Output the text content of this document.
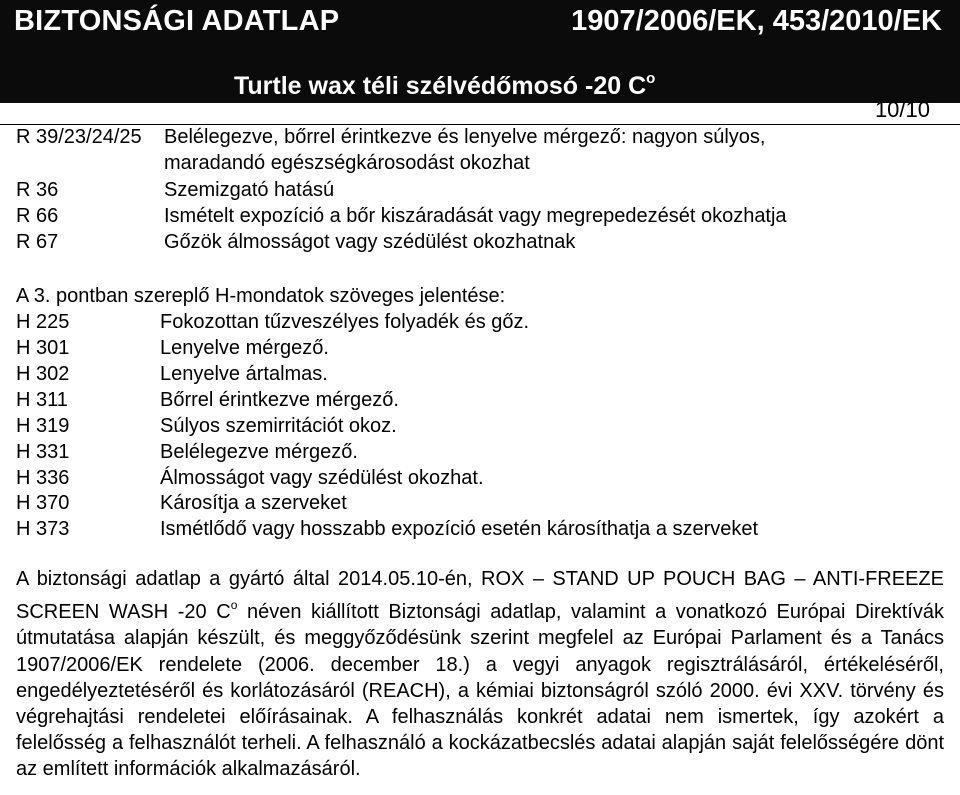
BIZTONSÁGI ADATLAP	1907/2006/EK, 453/2010/EK
Turtle wax téli szélvédőmosó -20 $C^o$
10/10
R 39/23/24/25 Belélegezve, bőrrel érintkezve és lenyelve mérgező: nagyon súlyos,
maradandó egészségkárosodást okozhat
R 36	Szemizgató hatású
R 66	Ismételt expozíció a bőr kiszáradását vagy megrepedezését okozhatja
R 67	Gőzök álmosságot vagy szédülést okozhatnak
A 3. pontban szereplő H-mondatok szöveges jelentése:
H 225	Fokozottan tűzveszélyes folyadék és gőz.
H 301	Lenyelve mérgező.
H 302	Lenyelve ártalmas.
H 311	Bőrrel érintkezve mérgező.
H 319	Súlyos szemirritációt okoz.
H 331	Belélegezve mérgező.
H 336	Álmosságot vagy szédülést okozhat.
H 370	Károsítja a szerveket
H 373	Ismétlődő vagy hosszabb expozíció esetén károsíthatja a szerveket
A biztonsági adatlap a gyártó által 2014.05.10-én, ROX – STAND UP POUCH BAG – ANTI-FREEZE SCREEN WASH -20 $C^o$ néven kiállított Biztonsági adatlap, valamint a vonatkozó Európai Direktívák útmutatása alapján készült, és meggyőződésünk szerint megfelel az Európai Parlament és a Tanács 1907/2006/EK rendelete (2006. december 18.) a vegyi anyagok regisztrálásáról, értékeléséről, engedélyeztetéséről és korlátozásáról (REACH), a kémiai biztonságról szóló 2000. évi XXV. törvény és végrehajtási rendeletei előírásainak. A felhasználás konkrét adatai nem ismertek, így azokért a felelősség a felhasználót terheli. A felhasználó a kockázatbecslés adatai alapján saját felelősségére dönt az említett információk alkalmazásáról.
